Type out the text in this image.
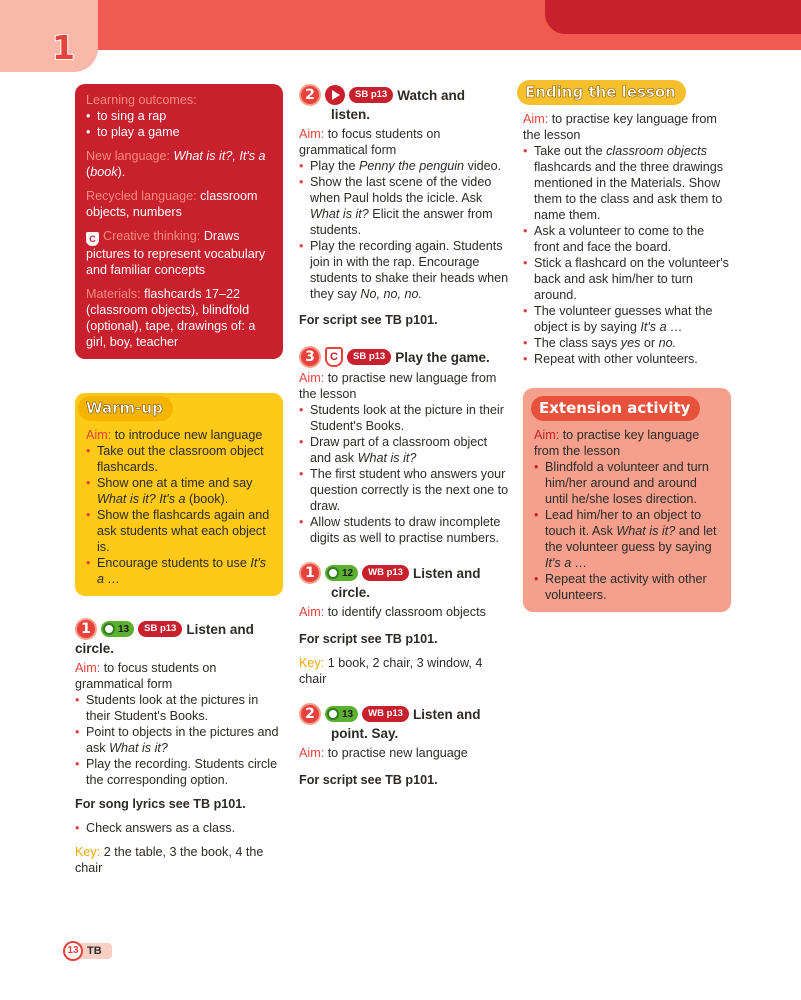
1
Learning outcomes:
• to sing a rap
• to play a game
New language: What is it?, It's a (book).
Recycled language: classroom objects, numbers
C Creative thinking: Draws pictures to represent vocabulary and familiar concepts
Materials: flashcards 17–22 (classroom objects), blindfold (optional), tape, drawings of: a girl, boy, teacher
Warm-up
Aim: to introduce new language
• Take out the classroom object flashcards.
• Show one at a time and say What is it? It's a (book).
• Show the flashcards again and ask students what each object is.
• Encourage students to use It's a …
1	13	SB p13 Listen and
circle.
Aim: to focus students on grammatical form
• Students look at the pictures in their Student's Books.
• Point to objects in the pictures and ask What is it?
• Play the recording. Students circle the corresponding option.
For song lyrics see TB p101.
• Check answers as a class.
Key: 2 the table, 3 the book, 4 the chair
2	SB p13 Watch and
listen.
Aim: to focus students on grammatical form
• Play the Penny the penguin video.
• Show the last scene of the video when Paul holds the icicle. Ask What is it? Elicit the answer from students.
• Play the recording again. Students join in with the rap. Encourage students to shake their heads when they say No, no, no.
For script see TB p101.
3	C	SB p13 Play the game.
Aim: to practise new language from the lesson
• Students look at the picture in their Student's Books.
• Draw part of a classroom object and ask What is it?
• The first student who answers your question correctly is the next one to draw.
• Allow students to draw incomplete digits as well to practise numbers.
1	12	WB p13 Listen and
circle.
Aim: to identify classroom objects
For script see TB p101.
Key: 1 book, 2 chair, 3 window, 4 chair
2	13	WB p13 Listen and
point. Say.
Aim: to practise new language
For script see TB p101.
Ending the lesson
Aim: to practise key language from the lesson
• Take out the classroom objects flashcards and the three drawings mentioned in the Materials. Show them to the class and ask them to name them.
• Ask a volunteer to come to the front and face the board.
• Stick a flashcard on the volunteer's back and ask him/her to turn around.
• The volunteer guesses what the object is by saying It's a …
• The class says yes or no.
• Repeat with other volunteers.
Extension activity
Aim: to practise key language from the lesson
• Blindfold a volunteer and turn him/her around and around until he/she loses direction.
• Lead him/her to an object to touch it. Ask What is it? and let the volunteer guess by saying It's a …
• Repeat the activity with other volunteers.
13 TB
